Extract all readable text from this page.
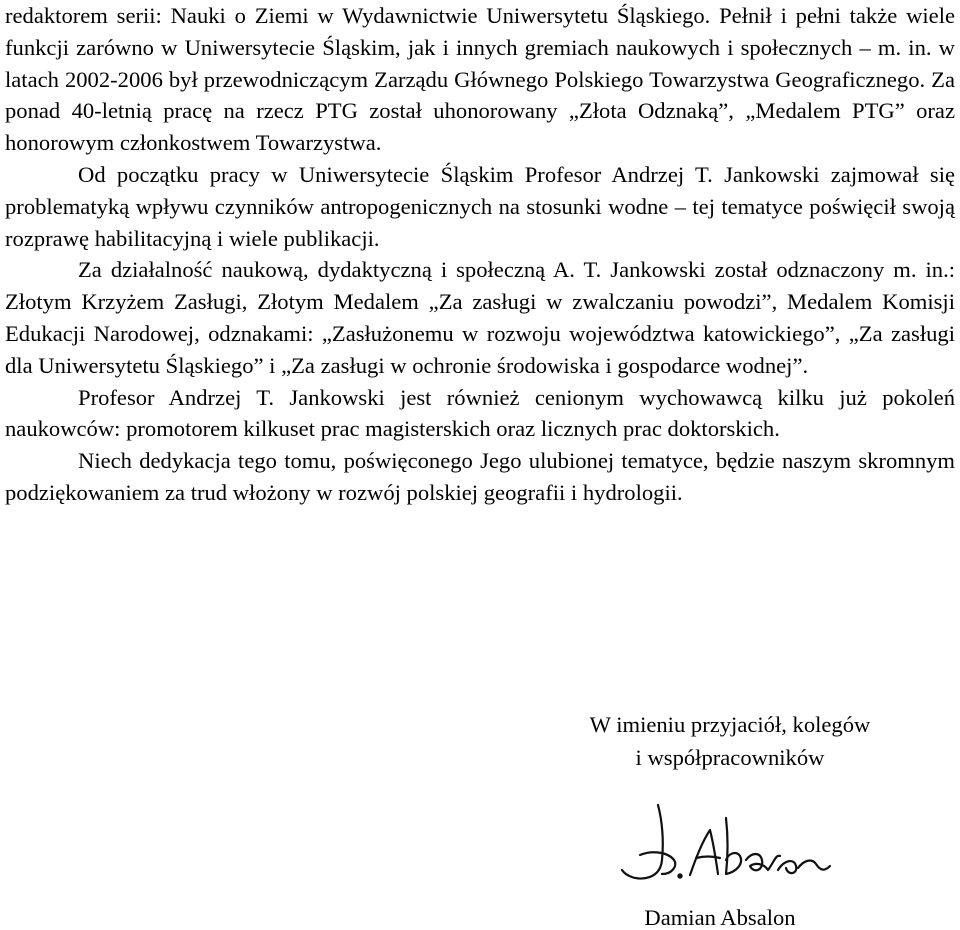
redaktorem serii: Nauki o Ziemi w Wydawnictwie Uniwersytetu Śląskiego. Pełnił i pełni także wiele funkcji zarówno w Uniwersytecie Śląskim, jak i innych gremiach naukowych i społecznych – m. in. w latach 2002-2006 był przewodniczącym Zarządu Głównego Polskiego Towarzystwa Geograficznego. Za ponad 40-letnią pracę na rzecz PTG został uhonorowany „Złota Odznaką”, „Medalem PTG” oraz honorowym członkostwem Towarzystwa.

Od początku pracy w Uniwersytecie Śląskim Profesor Andrzej T. Jankowski zajmował się problematyką wpływu czynników antropogenicznych na stosunki wodne – tej tematyce poświęcił swoją rozprawę habilitacyjną i wiele publikacji.

Za działalność naukową, dydaktyczną i społeczną A. T. Jankowski został odznaczony m. in.: Złotym Krzyżem Zasługi, Złotym Medalem „Za zasługi w zwalczaniu powodzi”, Medalem Komisji Edukacji Narodowej, odznakami: „Zasłużonemu w rozwoju województwa katowickiego”, „Za zasługi dla Uniwersytetu Śląskiego” i „Za zasługi w ochronie środowiska i gospodarce wodnej”.

Profesor Andrzej T. Jankowski jest również cenionym wychowawcą kilku już pokoleń naukowców: promotorem kilkuset prac magisterskich oraz licznych prac doktorskich.

Niech dedykacja tego tomu, poświęconego Jego ulubionej tematyce, będzie naszym skromnym podziękowaniem za trud włożony w rozwój polskiej geografii i hydrologii.

W imieniu przyjaciół, kolegów
i współpracowników
Damian Absalon
